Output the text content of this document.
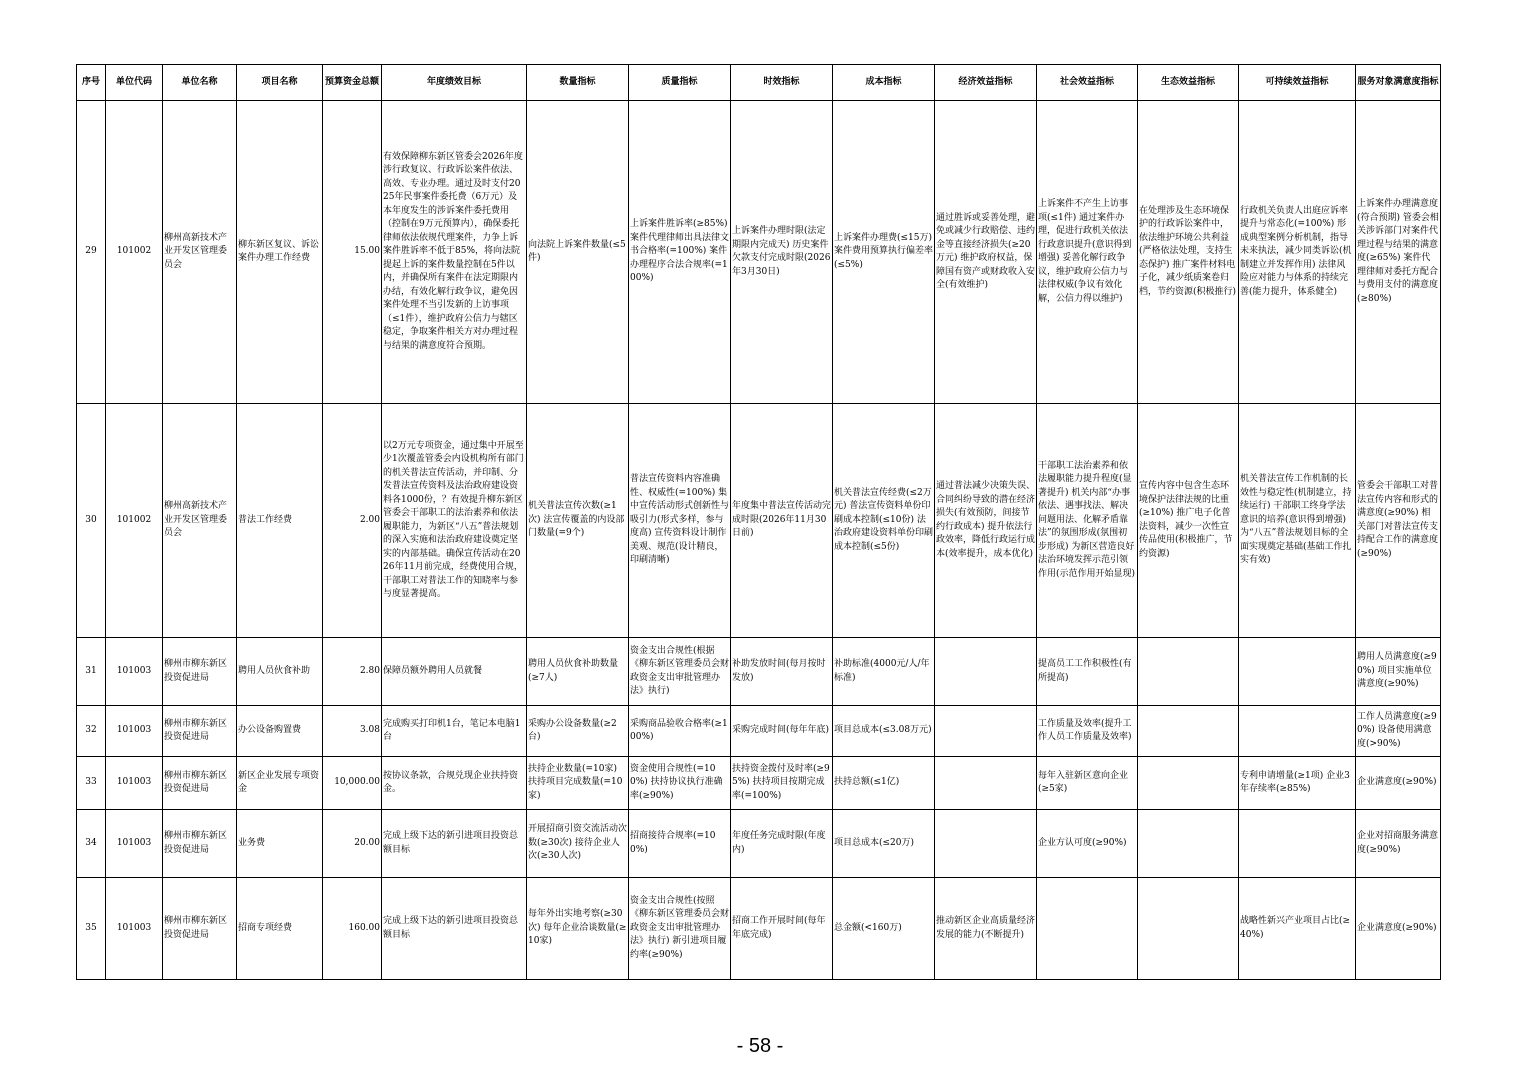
序号	单位代码	单位名称	项目名称	预算资金总额	年度绩效目标	数量指标	质量指标	时效指标	成本指标	经济效益指标	社会效益指标	生态效益指标	可持续效益指标	服务对象满意度指标
29	101002	柳州高新技术产业开发区管理委员会	柳东新区复议、诉讼案件办理工作经费	15.00	有效保障柳东新区管委会2026年度涉行政复议、行政诉讼案件依法、高效、专业办理。通过及时支付2025年民事案件委托费（6万元）及本年度发生的涉诉案件委托费用（控制在9万元预算内），确保委托律师依法依规代理案件，力争上诉案件胜诉率不低于85%，将向法院提起上诉的案件数量控制在5件以内，并确保所有案件在法定期限内办结，有效化解行政争议，避免因案件处理不当引发新的上访事项（≤1件），维护政府公信力与辖区稳定，争取案件相关方对办理过程与结果的满意度符合预期。	向法院上诉案件数量(≤5件)	上诉案件胜诉率(≥85%) 案件代理律师出具法律文书合格率(=100%) 案件办理程序合法合规率(=100%)	上诉案件办理时限(法定期限内完成天) 历史案件欠款支付完成时限(2026年3月30日)	上诉案件办理费(≤15万) 案件费用预算执行偏差率(≤5%)	通过胜诉或妥善处理，避免或减少行政赔偿、违约金等直接经济损失(≥20万元) 维护政府权益，保障国有资产或财政收入安全(有效维护)	上诉案件不产生上访事项(≤1件) 通过案件办理，促进行政机关依法行政意识提升(意识得到增强) 妥善化解行政争议，维护政府公信力与法律权威(争议有效化解，公信力得以维护)	在处理涉及生态环境保护的行政诉讼案件中，依法维护环境公共利益(严格依法处理，支持生态保护) 推广案件材料电子化，减少纸质案卷归档，节约资源(积极推行)	行政机关负责人出庭应诉率提升与常态化(=100%) 形成典型案例分析机制，指导未来执法，减少同类诉讼(机制建立并发挥作用) 法律风险应对能力与体系的持续完善(能力提升，体系健全)	上诉案件办理满意度(符合预期) 管委会相关涉诉部门对案件代理过程与结果的满意度(≥65%) 案件代理律师对委托方配合与费用支付的满意度(≥80%)
30	101002	柳州高新技术产业开发区管理委员会	普法工作经费	2.00	以2万元专项资金，通过集中开展至少1次覆盖管委会内设机构所有部门的机关普法宣传活动，并印制、分发普法宣传资料及法治政府建设资料各1000份，？有效提升柳东新区管委会干部职工的法治素养和依法履职能力，为新区“八五”普法规划的深入实施和法治政府建设奠定坚实的内部基础。确保宣传活动在2026年11月前完成，经费使用合规，干部职工对普法工作的知晓率与参与度显著提高。	机关普法宣传次数(≥1次) 法宣传覆盖的内设部门数量(=9个)	普法宣传资料内容准确性、权威性(=100%) 集中宣传活动形式创新性与吸引力(形式多样，参与度高) 宣传资料设计制作美观、规范(设计精良，印刷清晰)	年度集中普法宣传活动完成时限(2026年11月30日前)	机关普法宣传经费(≤2万元) 普法宣传资料单份印刷成本控制(≤10份) 法治政府建设资料单份印刷成本控制(≤5份)	通过普法减少决策失误、合同纠纷导致的潜在经济损失(有效预防，间接节约行政成本) 提升依法行政效率，降低行政运行成本(效率提升，成本优化)	干部职工法治素养和依法履职能力提升程度(显著提升) 机关内部“办事依法、遇事找法、解决问题用法、化解矛盾靠法”的氛围形成(氛围初步形成) 为新区营造良好法治环境发挥示范引领作用(示范作用开始显现)	宣传内容中包含生态环境保护法律法规的比重(≥10%) 推广电子化普法资料，减少一次性宣传品使用(积极推广，节约资源)	机关普法宣传工作机制的长效性与稳定性(机制建立，持续运行) 干部职工终身学法意识的培养(意识得到增强) 为“八五”普法规划目标的全面实现奠定基础(基础工作扎实有效)	管委会干部职工对普法宣传内容和形式的满意度(≥90%) 相关部门对普法宣传支持配合工作的满意度(≥90%)
31	101003	柳州市柳东新区投资促进局	聘用人员伙食补助	2.80	保障员额外聘用人员就餐	聘用人员伙食补助数量(≥7人)	资金支出合规性(根据《柳东新区管理委员会财政资金支出审批管理办法》执行)	补助发放时间(每月按时发放)	补助标准(4000元/人/年标准)		提高员工工作积极性(有所提高)			聘用人员满意度(≥90%) 项目实施单位满意度(≥90%)
32	101003	柳州市柳东新区投资促进局	办公设备购置费	3.08	完成购买打印机1台，笔记本电脑1台	采购办公设备数量(≥2台)	采购商品验收合格率(≥100%)	采购完成时间(每年年底)	项目总成本(≤3.08万元)		工作质量及效率(提升工作人员工作质量及效率)			工作人员满意度(≥90%) 设备使用满意度(>90%)
33	101003	柳州市柳东新区投资促进局	新区企业发展专项资金	10,000.00	按协议条款，合规兑现企业扶持资金。	扶持企业数量(=10家) 扶持项目完成数量(=10家)	资金使用合规性(=100%) 扶持协议执行准确率(≥90%)	扶持资金拨付及时率(≥95%) 扶持项目按期完成率(=100%)	扶持总额(≤1亿)		每年入驻新区意向企业(≥5家)		专利申请增量(≥1项) 企业3年存续率(≥85%)	企业满意度(≥90%)
34	101003	柳州市柳东新区投资促进局	业务费	20.00	完成上级下达的新引进项目投资总额目标	开展招商引资交流活动次数(≥30次) 接待企业人次(≥30人次)	招商接待合规率(=100%)	年度任务完成时限(年度内)	项目总成本(≤20万)		企业方认可度(≥90%)			企业对招商服务满意度(≥90%)
35	101003	柳州市柳东新区投资促进局	招商专项经费	160.00	完成上级下达的新引进项目投资总额目标	每年外出实地考察(≥30次) 每年企业洽谈数量(≥10家)	资金支出合规性(按照《柳东新区管理委员会财政资金支出审批管理办法》执行) 新引进项目履约率(≥90%)	招商工作开展时间(每年年底完成)	总金额(<160万)	推动新区企业高质量经济发展的能力(不断提升)			战略性新兴产业项目占比(≥40%)	企业满意度(≥90%)
- 58 -
